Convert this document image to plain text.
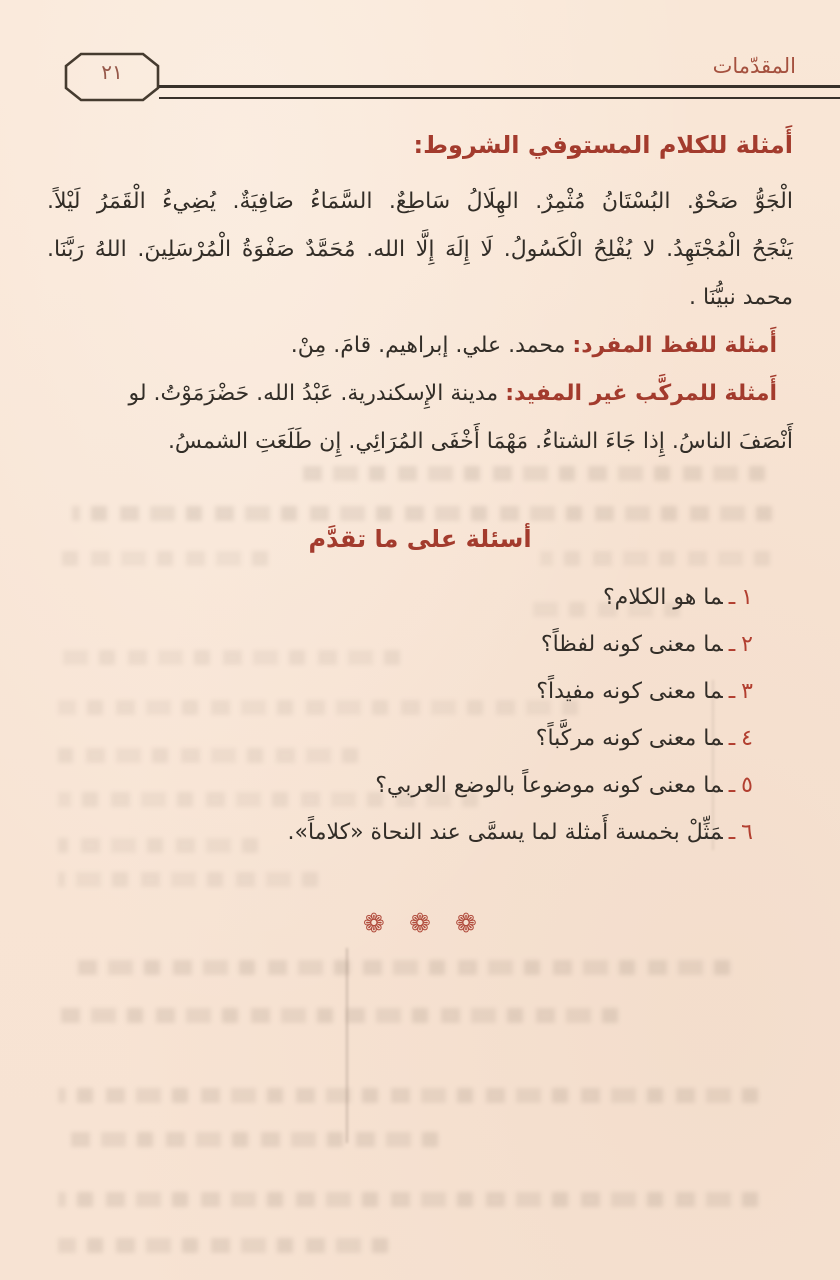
٢١	المقدّمات
أَمثلة للكلام المستوفي الشروط:

الْجَوُّ صَحْوٌ. البُسْتَانُ مُثْمِرٌ. الهِلَالُ سَاطِعٌ. السَّمَاءُ صَافِيَةٌ. يُضِيءُ الْقَمَرُ لَيْلاً.

يَنْجَحُ الْمُجْتَهِدُ. لا يُفْلِحُ الْكَسُولُ. لَا إِلَهَ إِلَّا الله. مُحَمَّدٌ صَفْوَةُ الْمُرْسَلِينَ. اللهُ رَبَّنَا.

محمد نبيُّنَا .

أَمثلة للفظ المفرد: محمد. علي. إبراهيم. قامَ. مِنْ.

أَمثلة للمركَّب غير المفيد: مدينة الإِسكندرية. عَبْدُ الله. حَضْرَمَوْتُ. لو

أَنْصَفَ الناسُ. إِذا جَاءَ الشتاءُ. مَهْمَا أَخْفَى المُرَائِي. إِن طَلَعَتِ الشمسُ.

أسئلة على ما تقدَّم
١ـما هو الكلام؟
٢ـما معنى كونه لفظاً؟
٣ـما معنى كونه مفيداً؟
٤ـما معنى كونه مركَّباً؟
٥ـما معنى كونه موضوعاً بالوضع العربي؟
٦ـمَثِّلْ بخمسة أَمثلة لما يسمَّى عند النحاة «كلاماً».
❁ ❁ ❁
